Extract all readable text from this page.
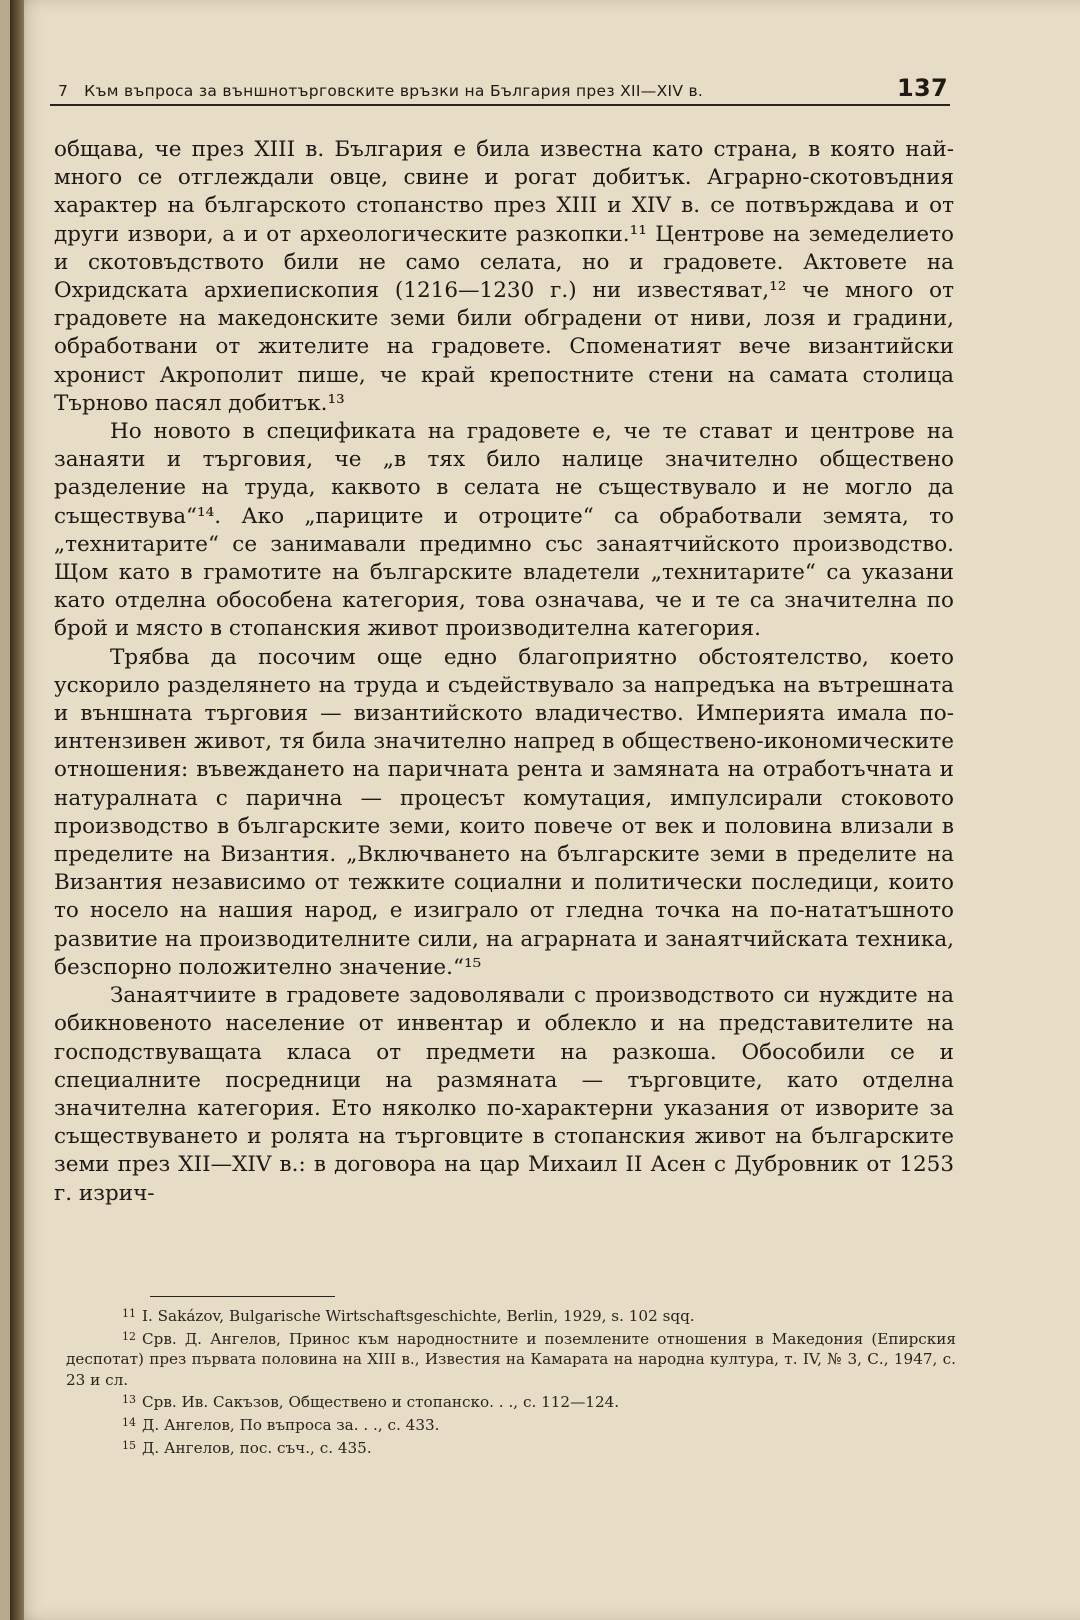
7 Към въпроса за външнотърговските връзки на България през XII—XIV в.	137

общава, че през XIII в. България е била известна като страна, в която най-много се отглеждали овце, свине и рогат добитък. Аграрно-скотовъдния характер на българското стопанство през XIII и XIV в. се потвърждава и от други извори, а и от археологическите разкопки.¹¹ Центрове на земеделието и скотовъдството били не само селата, но и градовете. Актовете на Охридската архиепископия (1216—1230 г.) ни известяват,¹² че много от градовете на македонските земи били обградени от ниви, лозя и градини, обработвани от жителите на градовете. Споменатият вече византийски хронист Акрополит пише, че край крепостните стени на самата столица Търново пасял добитък.¹³

Но новото в спецификата на градовете е, че те стават и центрове на занаяти и търговия, че „в тях било налице значително обществено разделение на труда, каквото в селата не съществувало и не могло да съществува“¹⁴. Ако „париците и отроците“ са обработвали земята, то „технитарите“ се занимавали предимно със занаятчийското производство. Щом като в грамотите на българските владетели „технитарите“ са указани като отделна обособена категория, това означава, че и те са значителна по брой и място в стопанския живот производителна категория.

Трябва да посочим още едно благоприятно обстоятелство, което ускорило разделянето на труда и съдействувало за напредъка на вътрешната и външната търговия — византийското владичество. Империята имала по-интензивен живот, тя била значително напред в обществено-икономическите отношения: въвеждането на паричната рента и замяната на отработъчната и натуралната с парична — процесът комутация, импулсирали стоковото производство в българските земи, които повече от век и половина влизали в пределите на Византия. „Включването на българските земи в пределите на Византия независимо от тежките социални и политически последици, които то носело на нашия народ, е изиграло от гледна точка на по-нататъшното развитие на производителните сили, на аграрната и занаятчийската техника, безспорно положително значение.“¹⁵

Занаятчиите в градовете задоволявали с производството си нуждите на обикновеното население от инвентар и облекло и на представителите на господствуващата класа от предмети на разкоша. Обособили се и специалните посредници на размяната — търговците, като отделна значителна категория. Ето няколко по-характерни указания от изворите за съществуването и ролята на търговците в стопанския живот на българските земи през XII—XIV в.: в договора на цар Михаил II Асен с Дубровник от 1253 г. изрич-

$^{11}$ I. Sakázov, Bulgarische Wirtschaftsgeschichte, Berlin, 1929, s. 102 sqq.

$^{12}$ Срв. Д. Ангелов, Принос към народностните и поземлените отношения в Македония (Епирския деспотат) през първата половина на XIII в., Известия на Камарата на народна култура, т. IV, № 3, С., 1947, с. 23 и сл.

$^{13}$ Срв. Ив. Сакъзов, Обществено и стопанско. . ., с. 112—124.

$^{14}$ Д. Ангелов, По въпроса за. . ., с. 433.

$^{15}$ Д. Ангелов, пос. съч., с. 435.
